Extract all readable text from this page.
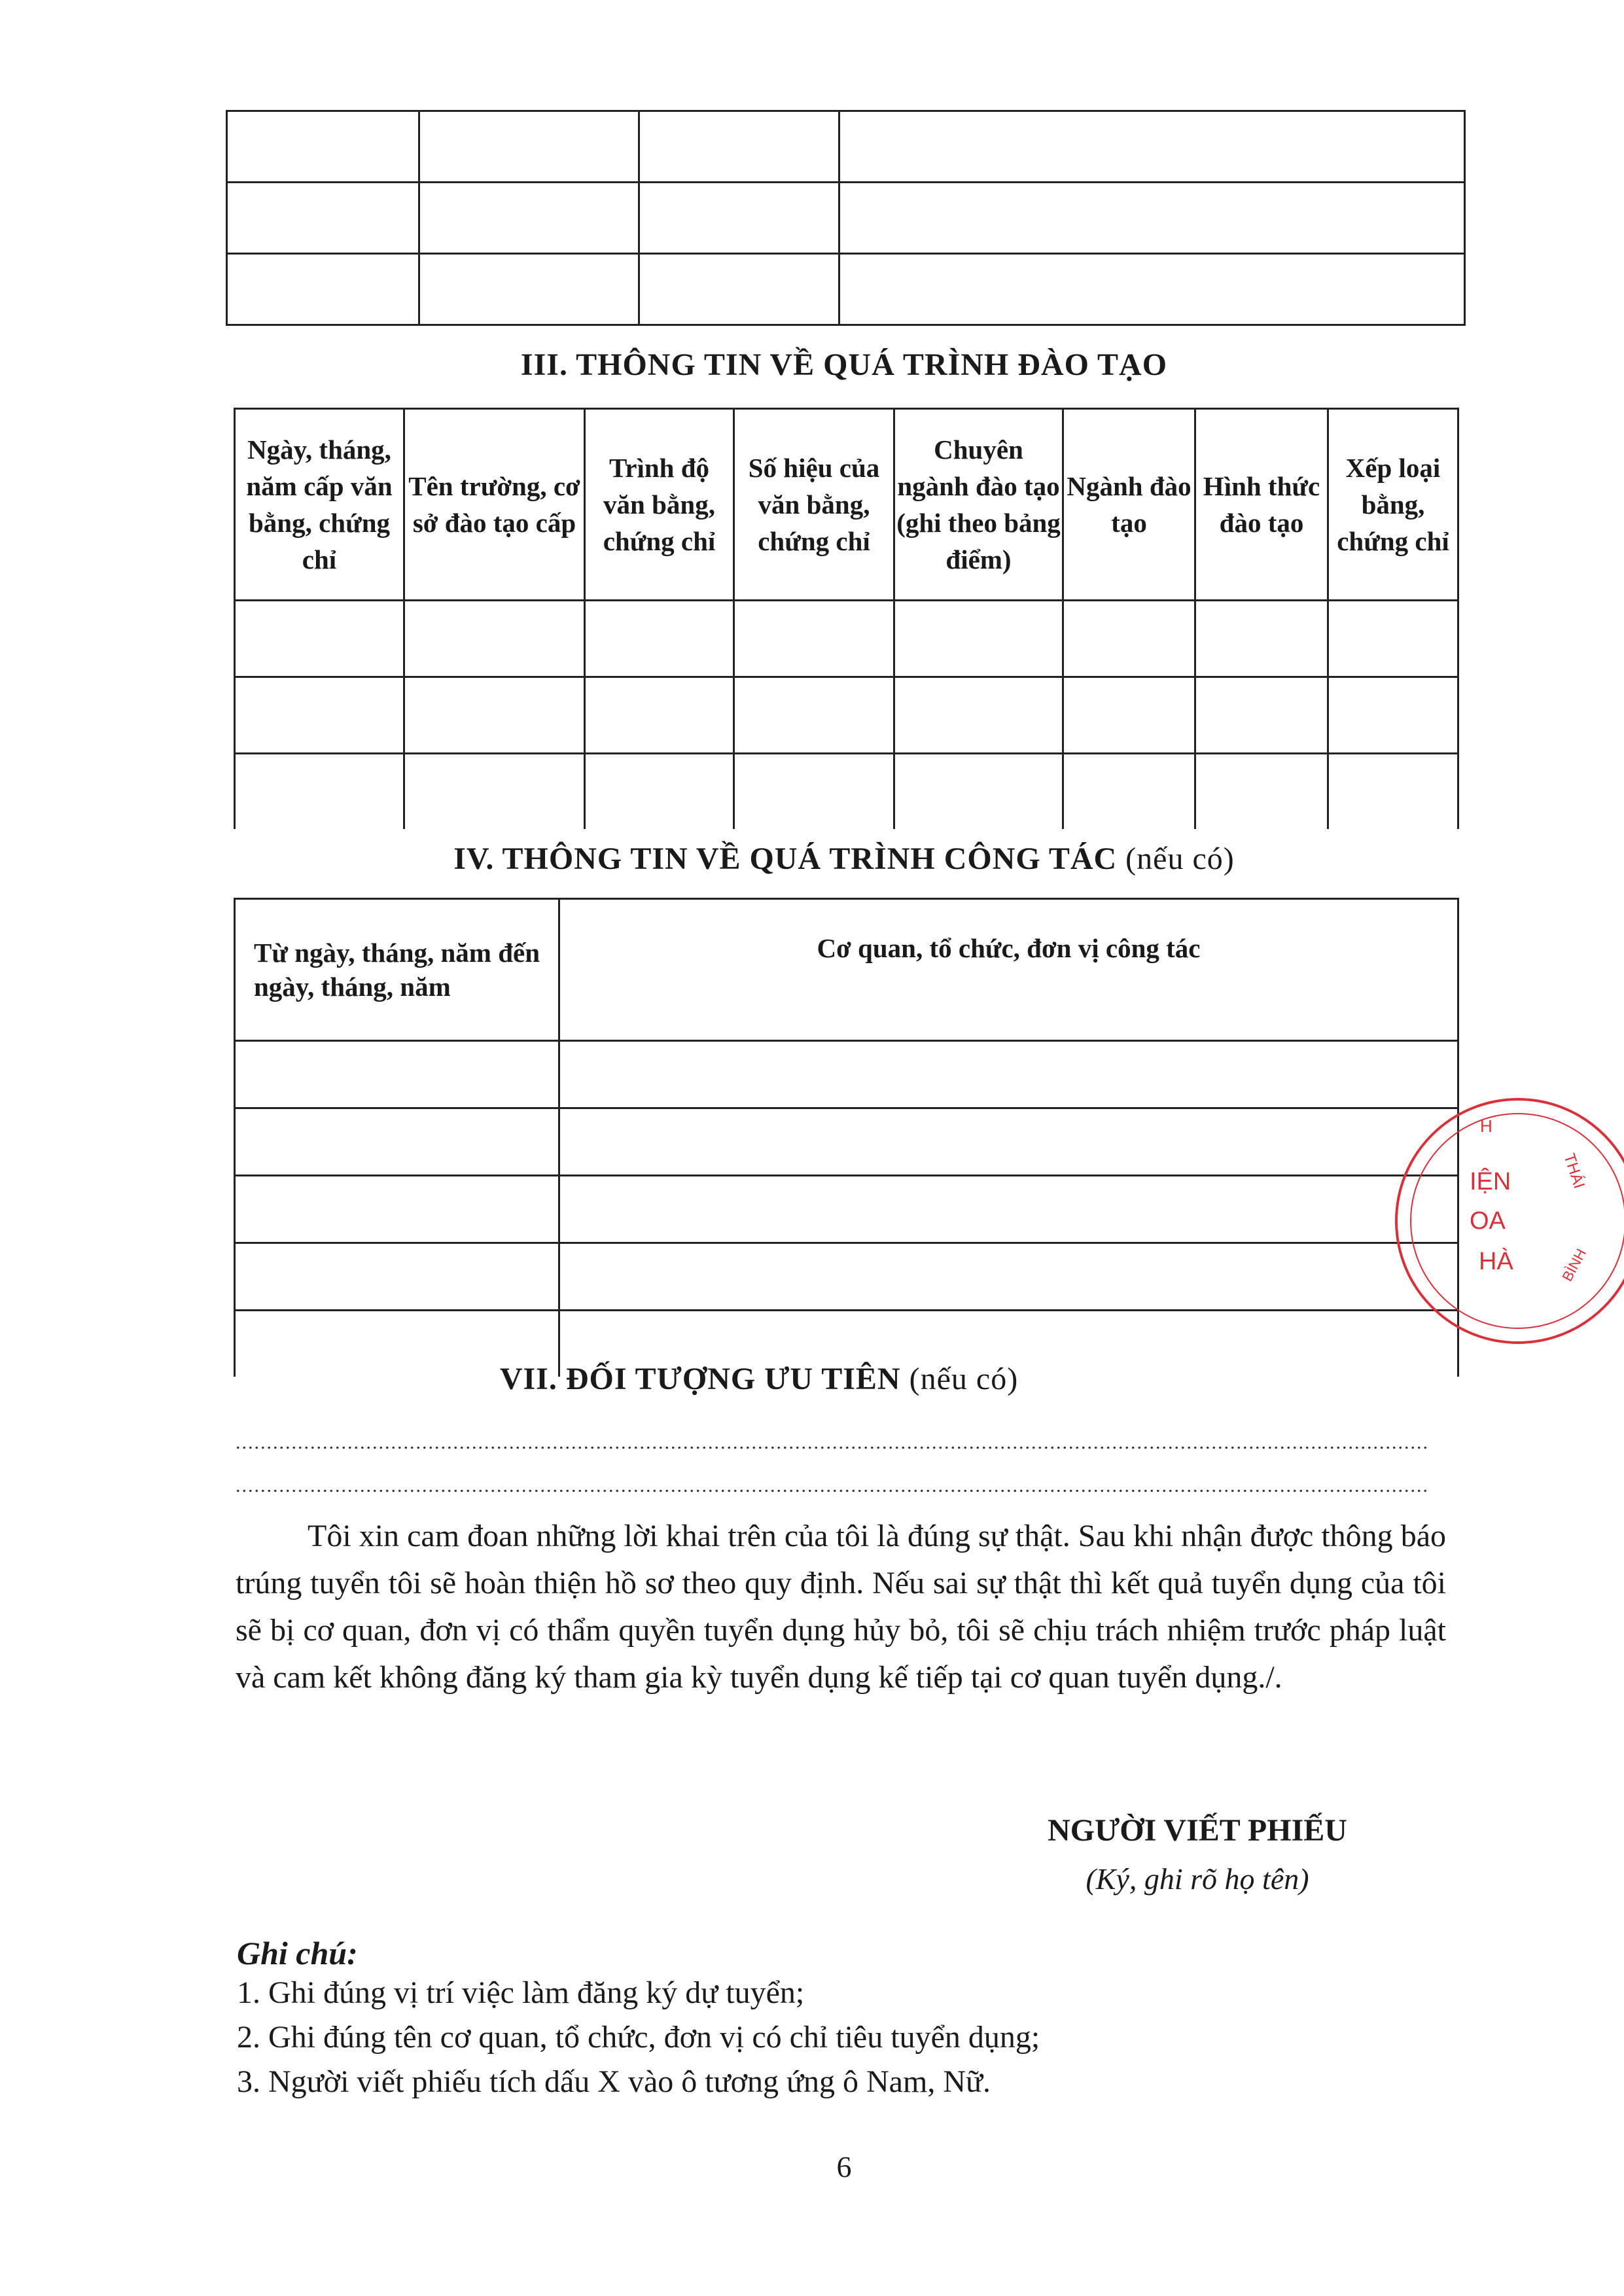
III. THÔNG TIN VỀ QUÁ TRÌNH ĐÀO TẠO
Ngày, tháng, năm cấp văn bằng, chứng chỉ	Tên trường, cơ sở đào tạo cấp	Trình độ văn bằng, chứng chỉ	Số hiệu của văn bằng, chứng chỉ	Chuyên ngành đào tạo (ghi theo bảng điểm)	Ngành đào tạo	Hình thức đào tạo	Xếp loại bằng, chứng chỉ

IV. THÔNG TIN VỀ QUÁ TRÌNH CÔNG TÁC (nếu có)
Từ ngày, tháng, năm đến ngày, tháng, năm	Cơ quan, tổ chức, đơn vị công tác

H
IỆN
OA
HÀ
THÁI
BÌNH
VII. ĐỐI TƯỢNG ƯU TIÊN (nếu có)
................................................................................................................................................................................................
................................................................................................................................................................................................
Tôi xin cam đoan những lời khai trên của tôi là đúng sự thật. Sau khi nhận được thông báo trúng tuyển tôi sẽ hoàn thiện hồ sơ theo quy định. Nếu sai sự thật thì kết quả tuyển dụng của tôi sẽ bị cơ quan, đơn vị có thẩm quyền tuyển dụng hủy bỏ, tôi sẽ chịu trách nhiệm trước pháp luật và cam kết không đăng ký tham gia kỳ tuyển dụng kế tiếp tại cơ quan tuyển dụng./.
NGƯỜI VIẾT PHIẾU
(Ký, ghi rõ họ tên)
Ghi chú:
1. Ghi đúng vị trí việc làm đăng ký dự tuyển;
2. Ghi đúng tên cơ quan, tổ chức, đơn vị có chỉ tiêu tuyển dụng;
3. Người viết phiếu tích dấu X vào ô tương ứng ô Nam, Nữ.
6
